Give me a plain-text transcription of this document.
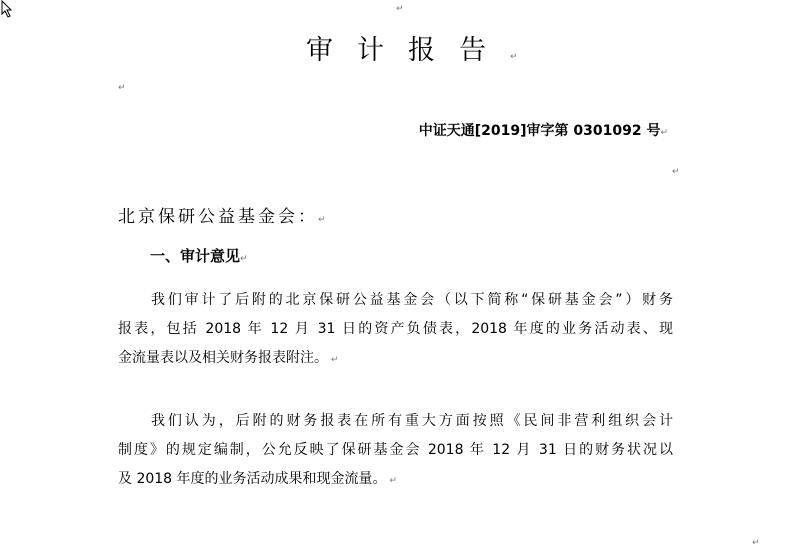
↵
审计报告↵
↵
中证天通[2019]审字第 0301092 号↵
↵
北京保研公益基金会：↵
一、审计意见↵
我们审计了后附的北京保研公益基金会（以下简称“保研基金会”）财务
报表，包括 2018 年 12 月 31 日的资产负债表，2018 年度的业务活动表、现
金流量表以及相关财务报表附注。 ↵
我们认为，后附的财务报表在所有重大方面按照《民间非营利组织会计
制度》的规定编制，公允反映了保研基金会 2018 年 12 月 31 日的财务状况以
及 2018 年度的业务活动成果和现金流量。 ↵
↵
